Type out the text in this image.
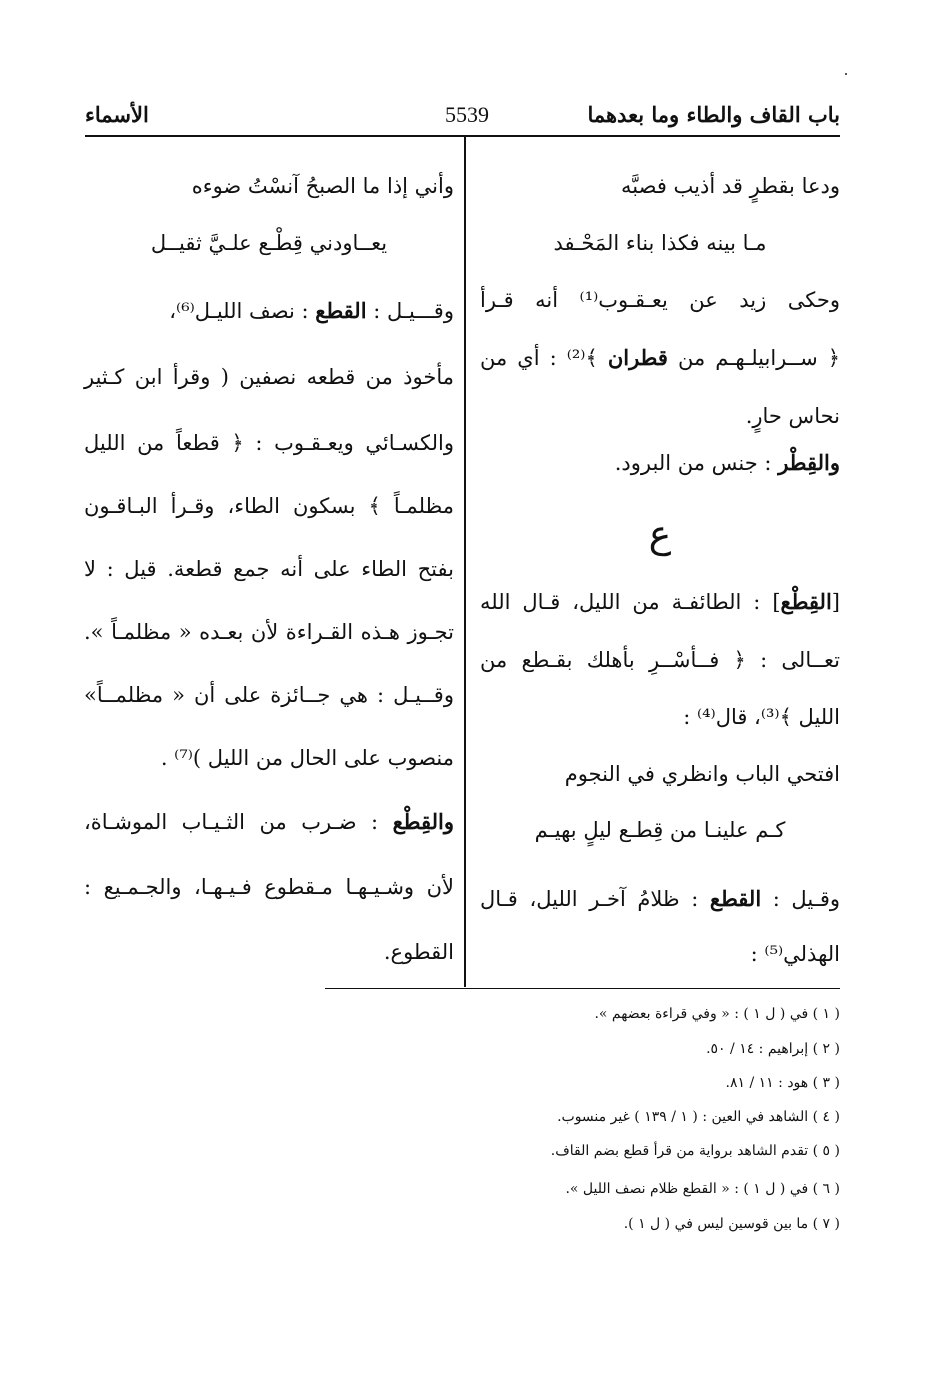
باب القاف والطاء وما بعدهما
5539
الأسماء
ودعا بقطرٍ قد أذيب فصبَّه
مـا بينه فكذا بناء المَحْـفد
وحكى زيد عن يعـقـوب⁽¹⁾ أنه قـرأ
﴿ ســرابيلـهـم من قطران ﴾⁽²⁾ : أي من
نحاس حارٍ.
والقِطْر : جنس من البرود.
ع
[القِطْع] : الطائفـة من الليل، قـال الله
تعــالى : ﴿ فــأسْــرِ بأهلك بقـطع من
الليل ﴾⁽³⁾، قال⁽⁴⁾ :
افتحي الباب وانظري في النجوم
كـم علينـا من قِطـع ليلٍ بهيـم
وقـيل : القطع : ظلامُ آخـر الليل، قـال
الهذلي⁽⁵⁾ :
وأني إذا ما الصبحُ آنسْتُ ضوءه
يعــاودني قِطْـع علـيَّ ثقيــل
وقـــيـل : القطع : نصف الليـل⁽⁶⁾،
مأخوذ من قطعه نصفين ( وقرأ ابن كـثير
والكسـائي ويعـقـوب : ﴿ قطعاً من الليل
مظلمـاً ﴾ بسكون الطاء، وقـرأ البـاقـون
بفتح الطاء على أنه جمع قطعة. قيل : لا
تجـوز هـذه القـراءة لأن بعـده « مظلمـاً ».
وقــيـل : هي جــائزة على أن « مظلمــاً»
منصوب على الحال من الليل )⁽⁷⁾ .
والقِطْع : ضـرب من الثـيـاب الموشـاة،
لأن وشـيـهـا مـقطوع فـيـهـا، والجـمـيع :
القطوع.
( ١ ) في ( ل ١ ) : « وفي قراءة بعضهم ».
( ٢ ) إبراهيم : ١٤ / ٥٠.
( ٣ ) هود : ١١ / ٨١.
( ٤ ) الشاهد في العين : ( ١ / ١٣٩ ) غير منسوب.
( ٥ ) تقدم الشاهد برواية من قرأ قطع بضم القاف.
( ٦ ) في ( ل ١ ) : « القطع ظلام نصف الليل ».
( ٧ ) ما بين قوسين ليس في ( ل ١ ).
